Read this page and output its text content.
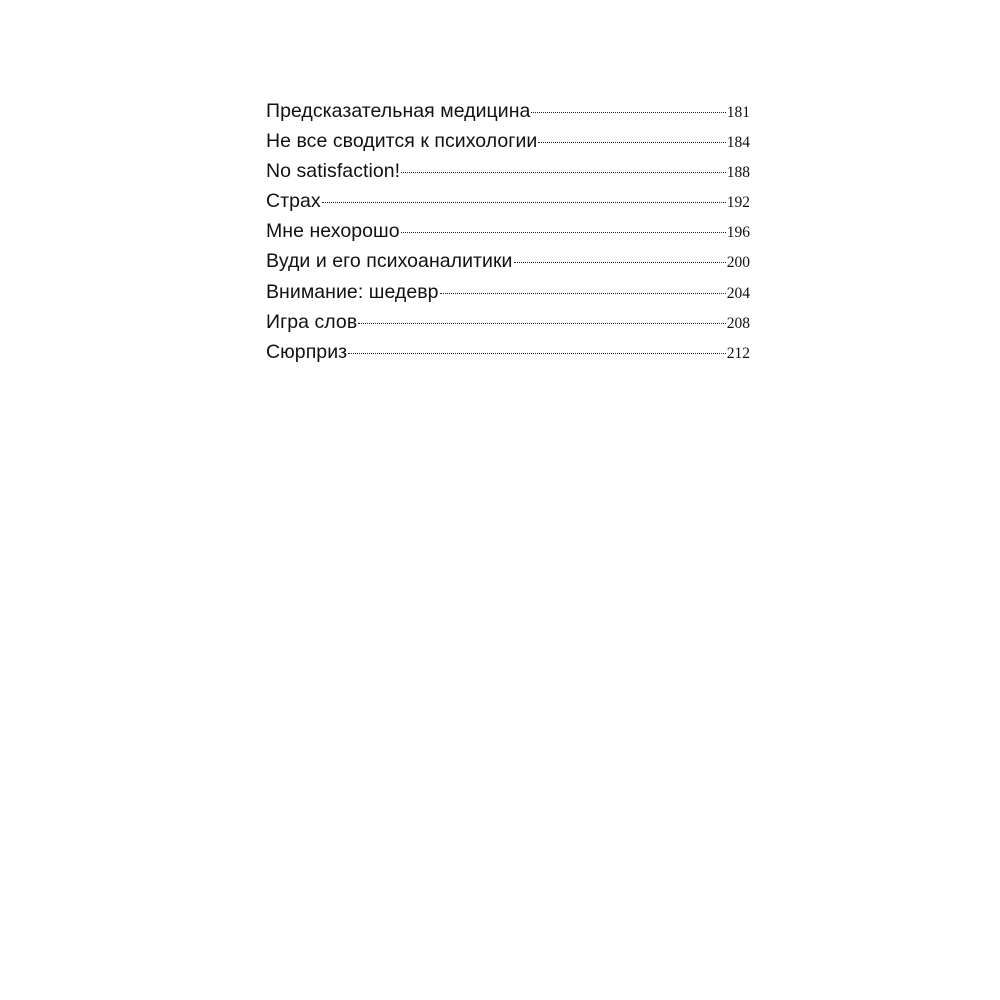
Предсказательная медицина	181
Не все сводится к психологии	184
No satisfaction!	188
Страх	192
Мне нехорошо	196
Вуди и его психоаналитики	200
Внимание: шедевр	204
Игра слов	208
Сюрприз	212
